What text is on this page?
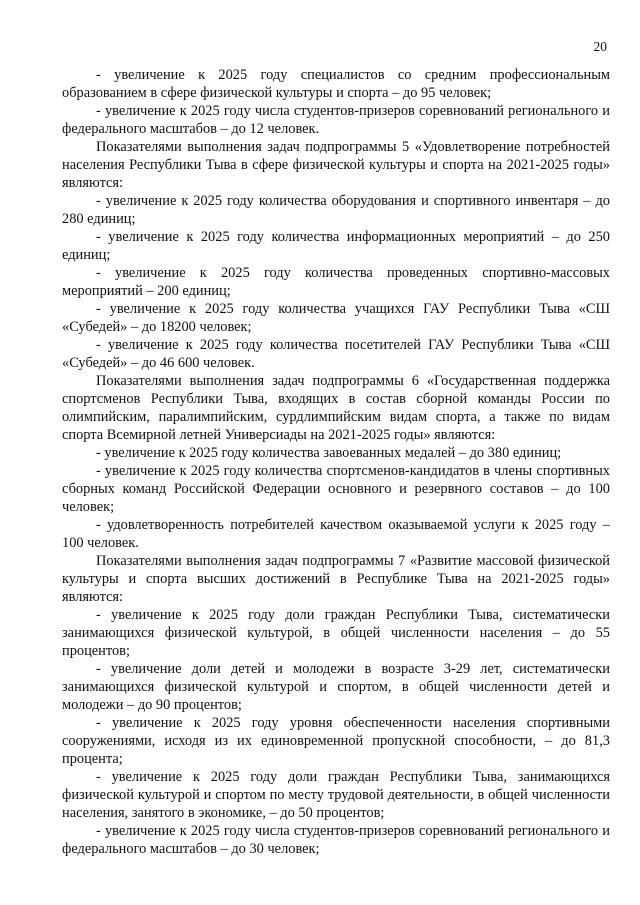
20

- увеличение к 2025 году специалистов со средним профессиональным образованием в сфере физической культуры и спорта – до 95 человек;

- увеличение к 2025 году числа студентов-призеров соревнований регионального и федерального масштабов – до 12 человек.

Показателями выполнения задач подпрограммы 5 «Удовлетворение потребностей населения Республики Тыва в сфере физической культуры и спорта на 2021-2025 годы» являются:

- увеличение к 2025 году количества оборудования и спортивного инвентаря – до 280 единиц;

- увеличение к 2025 году количества информационных мероприятий – до 250 единиц;

- увеличение к 2025 году количества проведенных спортивно-массовых мероприятий – 200 единиц;

- увеличение к 2025 году количества учащихся ГАУ Республики Тыва «СШ «Субедей» – до 18200 человек;

- увеличение к 2025 году количества посетителей ГАУ Республики Тыва «СШ «Субедей» – до 46 600 человек.

Показателями выполнения задач подпрограммы 6 «Государственная поддержка спортсменов Республики Тыва, входящих в состав сборной команды России по олимпийским, паралимпийским, сурдлимпийским видам спорта, а также по видам спорта Всемирной летней Универсиады на 2021-2025 годы» являются:

- увеличение к 2025 году количества завоеванных медалей – до 380 единиц;

- увеличение к 2025 году количества спортсменов-кандидатов в члены спортивных сборных команд Российской Федерации основного и резервного составов – до 100 человек;

- удовлетворенность потребителей качеством оказываемой услуги к 2025 году – 100 человек.

Показателями выполнения задач подпрограммы 7 «Развитие массовой физической культуры и спорта высших достижений в Республике Тыва на 2021-2025 годы» являются:

- увеличение к 2025 году доли граждан Республики Тыва, систематически занимающихся физической культурой, в общей численности населения – до 55 процентов;

- увеличение доли детей и молодежи в возрасте 3-29 лет, систематически занимающихся физической культурой и спортом, в общей численности детей и молодежи – до 90 процентов;

- увеличение к 2025 году уровня обеспеченности населения спортивными сооружениями, исходя из их единовременной пропускной способности, – до 81,3 процента;

- увеличение к 2025 году доли граждан Республики Тыва, занимающихся физической культурой и спортом по месту трудовой деятельности, в общей численности населения, занятого в экономике, – до 50 процентов;

- увеличение к 2025 году числа студентов-призеров соревнований регионального и федерального масштабов – до 30 человек;
